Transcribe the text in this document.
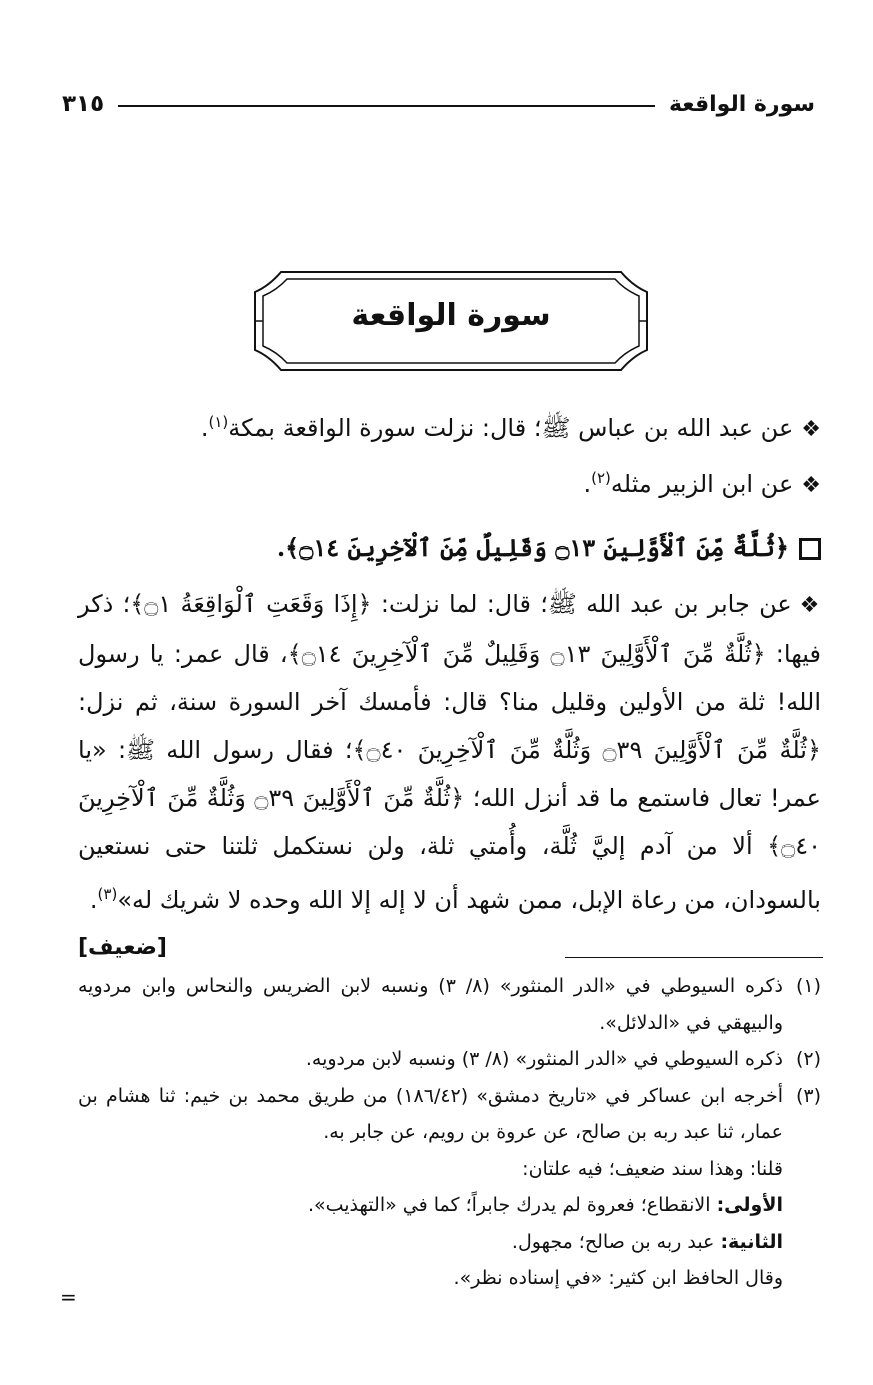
سورة الواقعة
٣١٥
سورة الواقعة

❖عن عبد الله بن عباس ﷺ؛ قال: نزلت سورة الواقعة بمكة$^{(١)}$.

❖عن ابن الزبير مثله$^{(٢)}$.

﴿ثُلَّةٌ مِّنَ ٱلْأَوَّلِينَ ۝١٣ وَقَلِيلٌ مِّنَ ٱلْآخِرِينَ ۝١٤﴾.

❖عن جابر بن عبد الله ﷺ؛ قال: لما نزلت: ﴿إِذَا وَقَعَتِ ٱلْوَاقِعَةُ ۝١﴾؛ ذكر فيها: ﴿ثُلَّةٌ مِّنَ ٱلْأَوَّلِينَ ۝١٣ وَقَلِيلٌ مِّنَ ٱلْآخِرِينَ ۝١٤﴾، قال عمر: يا رسول الله! ثلة من الأولين وقليل منا؟ قال: فأمسك آخر السورة سنة، ثم نزل: ﴿ثُلَّةٌ مِّنَ ٱلْأَوَّلِينَ ۝٣٩ وَثُلَّةٌ مِّنَ ٱلْآخِرِينَ ۝٤٠﴾؛ فقال رسول الله ﷺ: «يا عمر! تعال فاستمع ما قد أنزل الله؛ ﴿ثُلَّةٌ مِّنَ ٱلْأَوَّلِينَ ۝٣٩ وَثُلَّةٌ مِّنَ ٱلْآخِرِينَ ۝٤٠﴾ ألا من آدم إليَّ ثُلَّة، وأُمتي ثلة، ولن نستكمل ثلتنا حتى نستعين بالسودان، من رعاة الإبل، ممن شهد أن لا إله إلا الله وحده لا شريك له»$^{(٣)}$.

[ضعيف]
(١)
ذكره السيوطي في «الدر المنثور» (٨/ ٣) ونسبه لابن الضريس والنحاس وابن مردويه والبيهقي في «الدلائل».
(٢)
ذكره السيوطي في «الدر المنثور» (٨/ ٣) ونسبه لابن مردويه.
(٣)
أخرجه ابن عساكر في «تاريخ دمشق» (١٨٦/٤٢) من طريق محمد بن خيم: ثنا هشام بن عمار، ثنا عبد ربه بن صالح، عن عروة بن رويم، عن جابر به.
قلنا: وهذا سند ضعيف؛ فيه علتان:
الأولى: الانقطاع؛ فعروة لم يدرك جابراً؛ كما في «التهذيب».
الثانية: عبد ربه بن صالح؛ مجهول.
وقال الحافظ ابن كثير: «في إسناده نظر».
=
